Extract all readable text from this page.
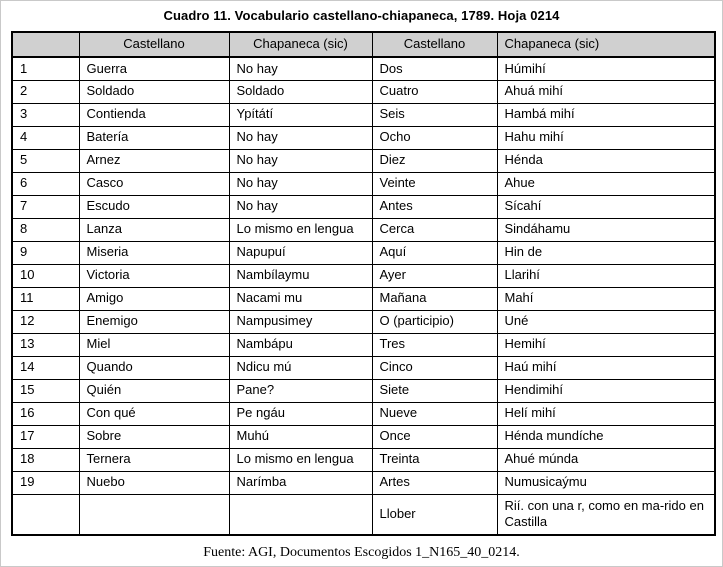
Cuadro 11. Vocabulario castellano-chiapaneca, 1789. Hoja 0214
	Castellano	Chapaneca (sic)	Castellano	Chapaneca (sic)
1	Guerra	No hay	Dos	Húmihí
2	Soldado	Soldado	Cuatro	Ahuá mihí
3	Contienda	Ypítátí	Seis	Hambá mihí
4	Batería	No hay	Ocho	Hahu mihí
5	Arnez	No hay	Diez	Hénda
6	Casco	No hay	Veinte	Ahue
7	Escudo	No hay	Antes	Sícahí
8	Lanza	Lo mismo en lengua	Cerca	Sindáhamu
9	Miseria	Napupuí	Aquí	Hin de
10	Victoria	Nambílaymu	Ayer	Llarihí
11	Amigo	Nacami mu	Mañana	Mahí
12	Enemigo	Nampusimey	O (participio)	Uné
13	Miel	Nambápu	Tres	Hemihí
14	Quando	Ndicu mú	Cinco	Haú mihí
15	Quién	Pane?	Siete	Hendimihí
16	Con qué	Pe ngáu	Nueve	Helí mihí
17	Sobre	Muhú	Once	Hénda mundíche
18	Ternera	Lo mismo en lengua	Treinta	Ahué múnda
19	Nuebo	Narímba	Artes	Numusicaýmu
			Llober	Rií. con una r, como en ma-rido en Castilla
Fuente: AGI, Documentos Escogidos 1_N165_40_0214.
